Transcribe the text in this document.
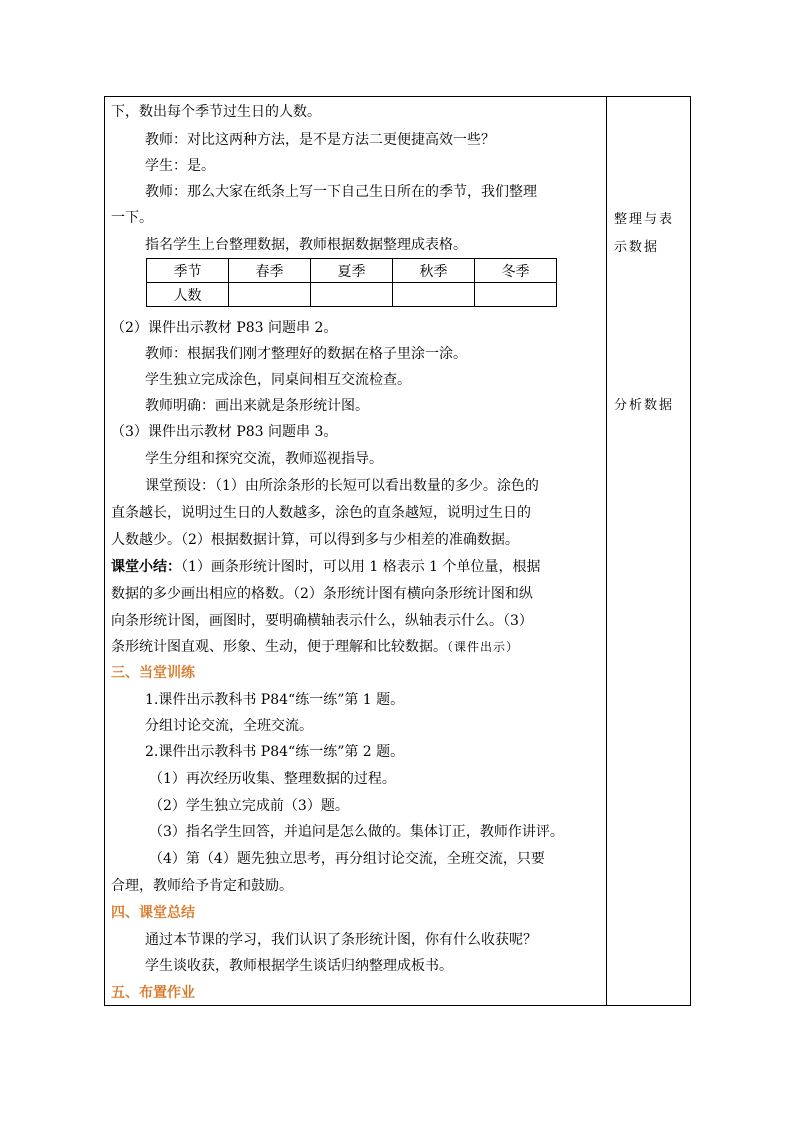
下，数出每个季节过生日的人数。
教师：对比这两种方法，是不是方法二更便捷高效一些？
学生：是。
教师：那么大家在纸条上写一下自己生日所在的季节，我们整理
一下。
指名学生上台整理数据，教师根据数据整理成表格。
（2）课件出示教材 P83 问题串 2。
教师：根据我们刚才整理好的数据在格子里涂一涂。
学生独立完成涂色，同桌间相互交流检查。
教师明确：画出来就是条形统计图。
（3）课件出示教材 P83 问题串 3。
学生分组和探究交流，教师巡视指导。
课堂预设：（1）由所涂条形的长短可以看出数量的多少。涂色的
直条越长，说明过生日的人数越多，涂色的直条越短，说明过生日的
人数越少。（2）根据数据计算，可以得到多与少相差的准确数据。
课堂小结：（1）画条形统计图时，可以用 1 格表示 1 个单位量，根据
数据的多少画出相应的格数。（2）条形统计图有横向条形统计图和纵
向条形统计图，画图时，要明确横轴表示什么，纵轴表示什么。（3）
条形统计图直观、形象、生动，便于理解和比较数据。（课件出示）
三、当堂训练
1.课件出示教科书 P84“练一练”第 1 题。
分组讨论交流，全班交流。
2.课件出示教科书 P84“练一练”第 2 题。
（1）再次经历收集、整理数据的过程。
（2）学生独立完成前（3）题。
（3）指名学生回答，并追问是怎么做的。集体订正，教师作讲评。
（4）第（4）题先独立思考，再分组讨论交流，全班交流，只要
合理，教师给予肯定和鼓励。
四、课堂总结
通过本节课的学习，我们认识了条形统计图，你有什么收获呢？
学生谈收获，教师根据学生谈话归纳整理成板书。
五、布置作业
季节	春季	夏季	秋季	冬季
人数				
整理与表
示数据
分析数据
